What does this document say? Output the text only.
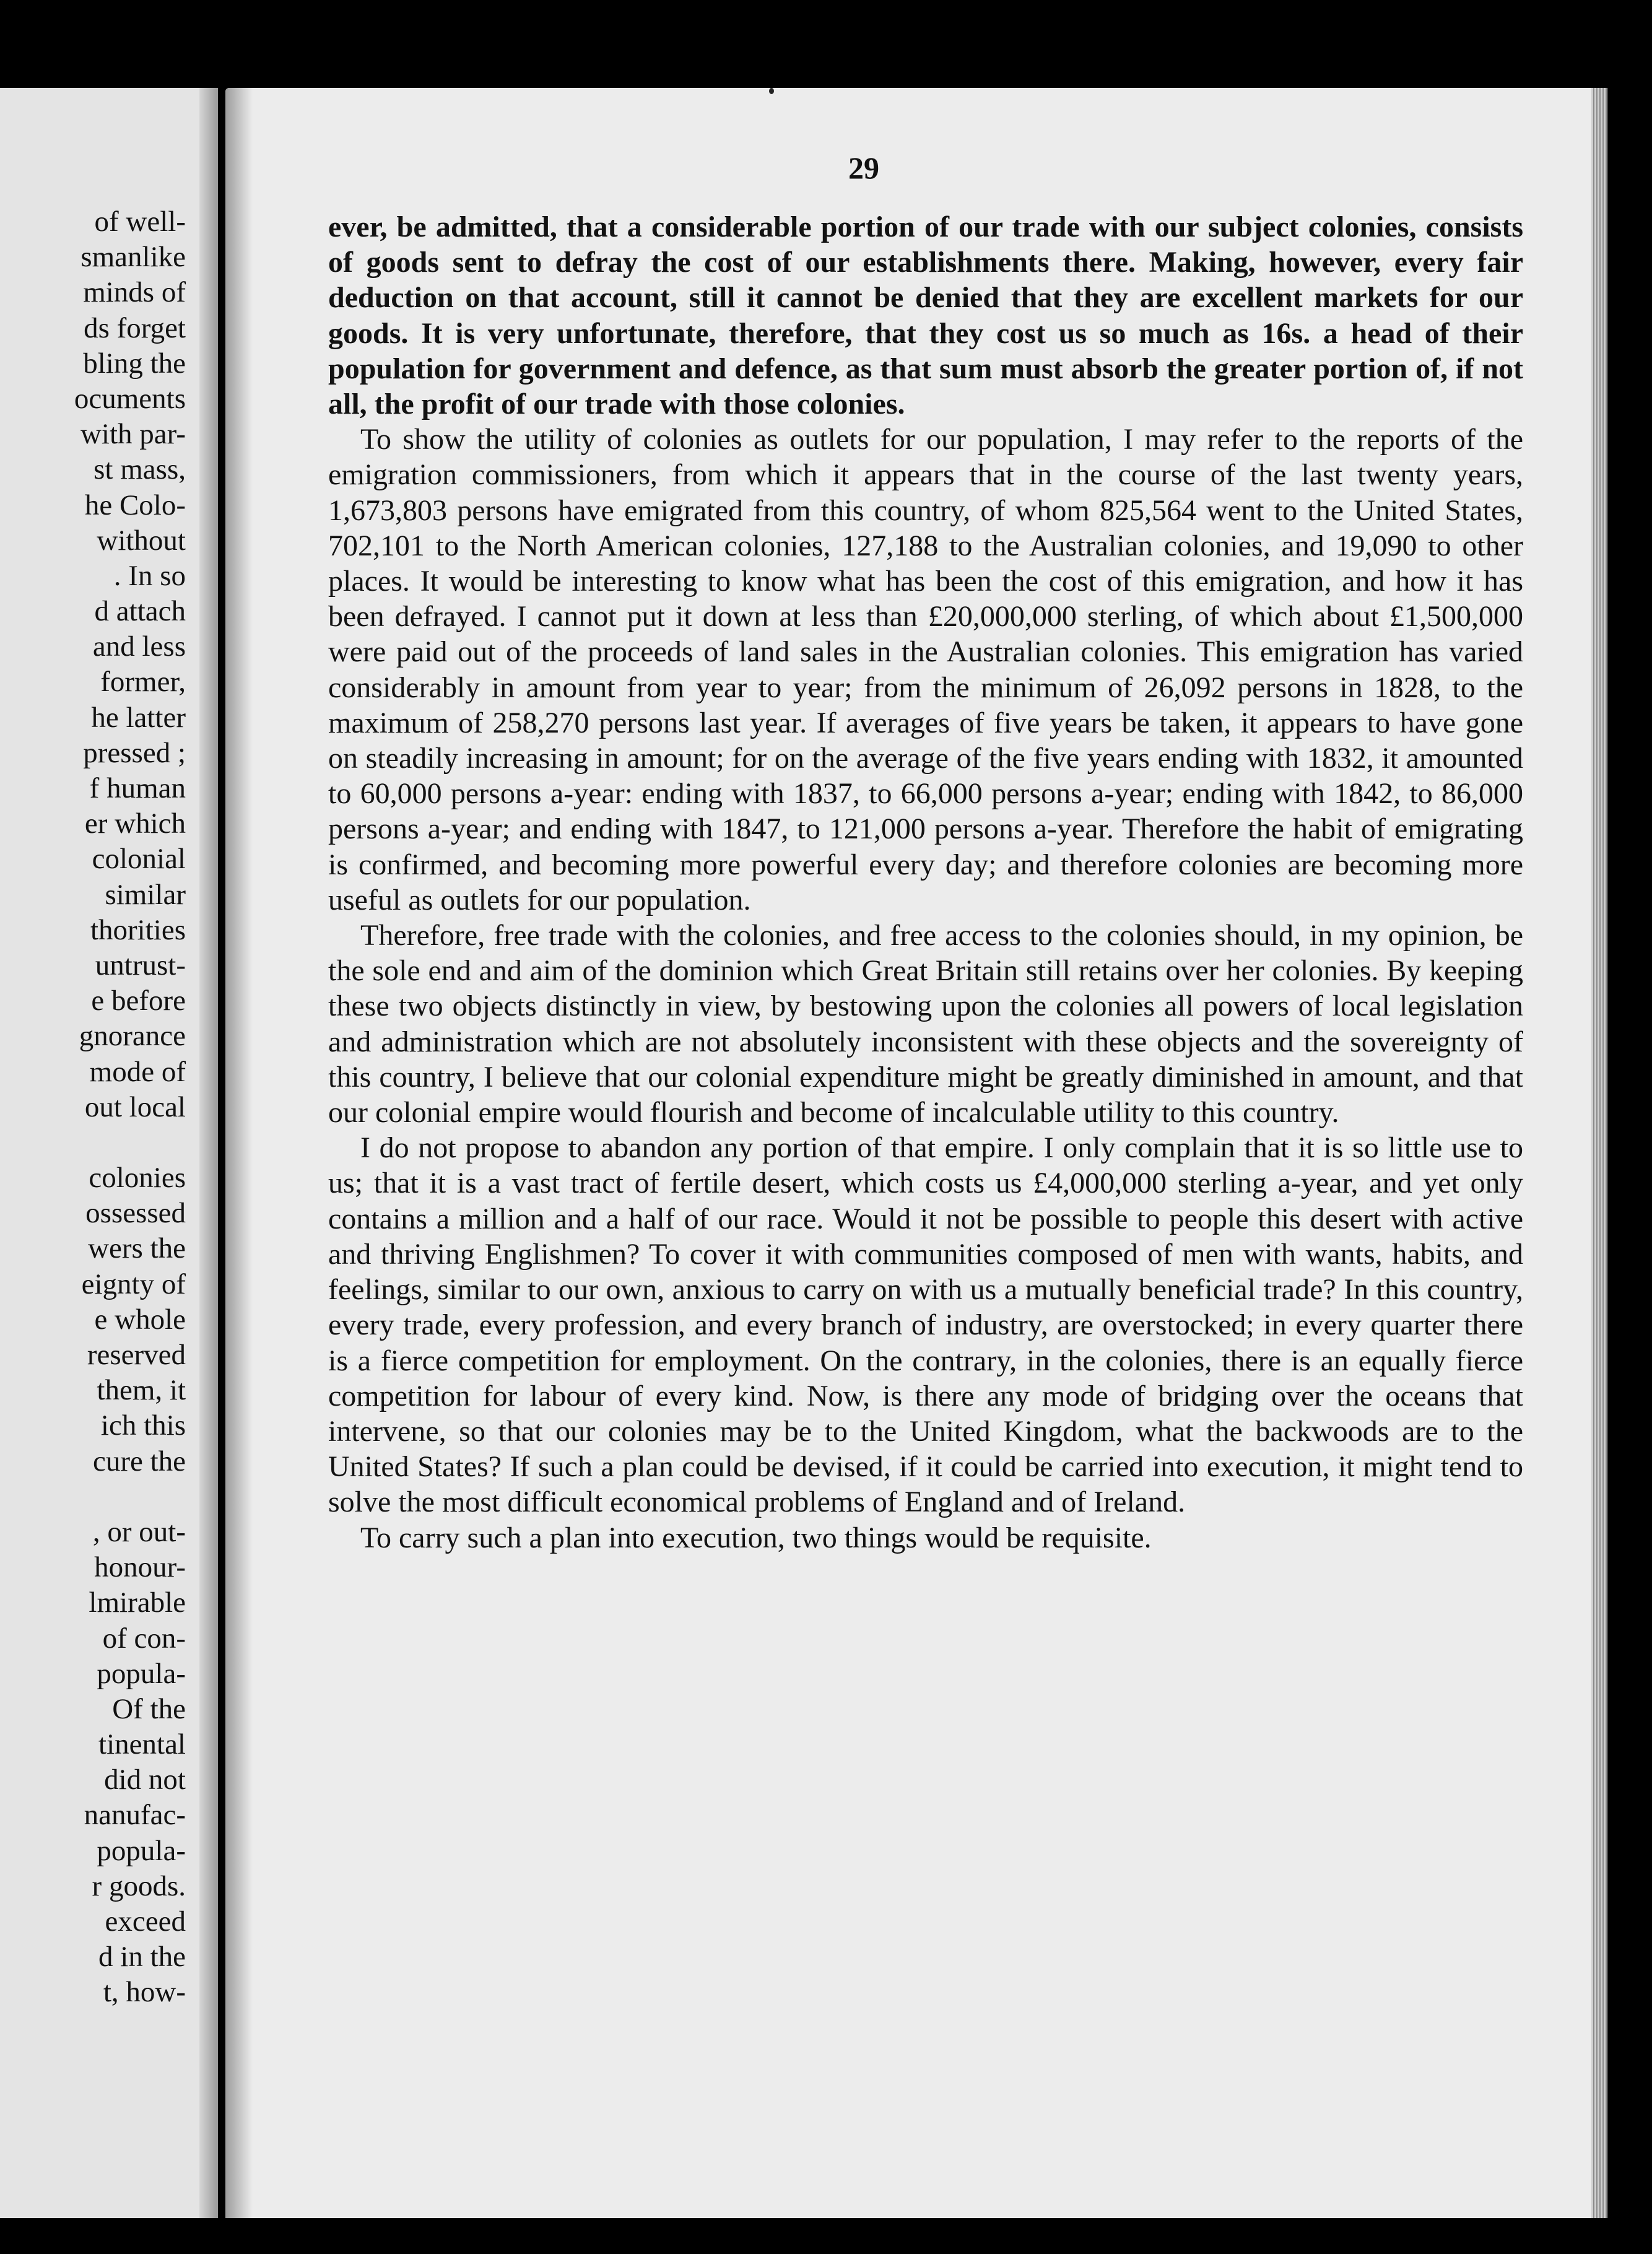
of well-
smanlike
minds of
ds forget
bling the
ocuments
with par-
st mass,
he Colo-
without
. In so
d attach
and less
former,
he latter
pressed ;
f human
er which
colonial
similar
thorities
untrust-
e before
gnorance
mode of
out local
colonies
ossessed
wers the
eignty of
e whole
reserved
them, it
ich this
cure the
, or out-
honour-
lmirable
of con-
popula-
Of the
tinental
did not
nanufac-
popula-
r goods.
exceed
d in the
t, how-
29

ever, be admitted, that a considerable portion of our trade with our subject colonies, consists of goods sent to defray the cost of our establishments there. Making, however, every fair deduction on that account, still it cannot be denied that they are excellent markets for our goods. It is very unfortunate, therefore, that they cost us so much as 16s. a head of their population for government and defence, as that sum must absorb the greater portion of, if not all, the profit of our trade with those colonies.

To show the utility of colonies as outlets for our population, I may refer to the reports of the emigration commissioners, from which it appears that in the course of the last twenty years, 1,673,803 persons have emigrated from this country, of whom 825,564 went to the United States, 702,101 to the North American colonies, 127,188 to the Australian colonies, and 19,090 to other places. It would be interesting to know what has been the cost of this emigration, and how it has been defrayed. I cannot put it down at less than £20,000,000 sterling, of which about £1,500,000 were paid out of the proceeds of land sales in the Australian colonies. This emigration has varied considerably in amount from year to year; from the minimum of 26,092 persons in 1828, to the maximum of 258,270 persons last year. If averages of five years be taken, it appears to have gone on steadily increasing in amount; for on the average of the five years ending with 1832, it amounted to 60,000 persons a-year: ending with 1837, to 66,000 persons a-year; ending with 1842, to 86,000 persons a-year; and ending with 1847, to 121,000 persons a-year. Therefore the habit of emigrating is confirmed, and becoming more powerful every day; and therefore colonies are becoming more useful as outlets for our population.

Therefore, free trade with the colonies, and free access to the colonies should, in my opinion, be the sole end and aim of the dominion which Great Britain still retains over her colonies. By keeping these two objects distinctly in view, by bestowing upon the colonies all powers of local legislation and administration which are not absolutely inconsistent with these objects and the sovereignty of this country, I believe that our colonial expenditure might be greatly diminished in amount, and that our colonial empire would flourish and become of incalculable utility to this country.

I do not propose to abandon any portion of that empire. I only complain that it is so little use to us; that it is a vast tract of fertile desert, which costs us £4,000,000 sterling a-year, and yet only contains a million and a half of our race. Would it not be possible to people this desert with active and thriving Englishmen? To cover it with communities composed of men with wants, habits, and feelings, similar to our own, anxious to carry on with us a mutually beneficial trade? In this country, every trade, every profession, and every branch of industry, are overstocked; in every quarter there is a fierce competition for employment. On the contrary, in the colonies, there is an equally fierce competition for labour of every kind. Now, is there any mode of bridging over the oceans that intervene, so that our colonies may be to the United Kingdom, what the backwoods are to the United States? If such a plan could be devised, if it could be carried into execution, it might tend to solve the most difficult economical problems of England and of Ireland.

To carry such a plan into execution, two things would be requisite.
